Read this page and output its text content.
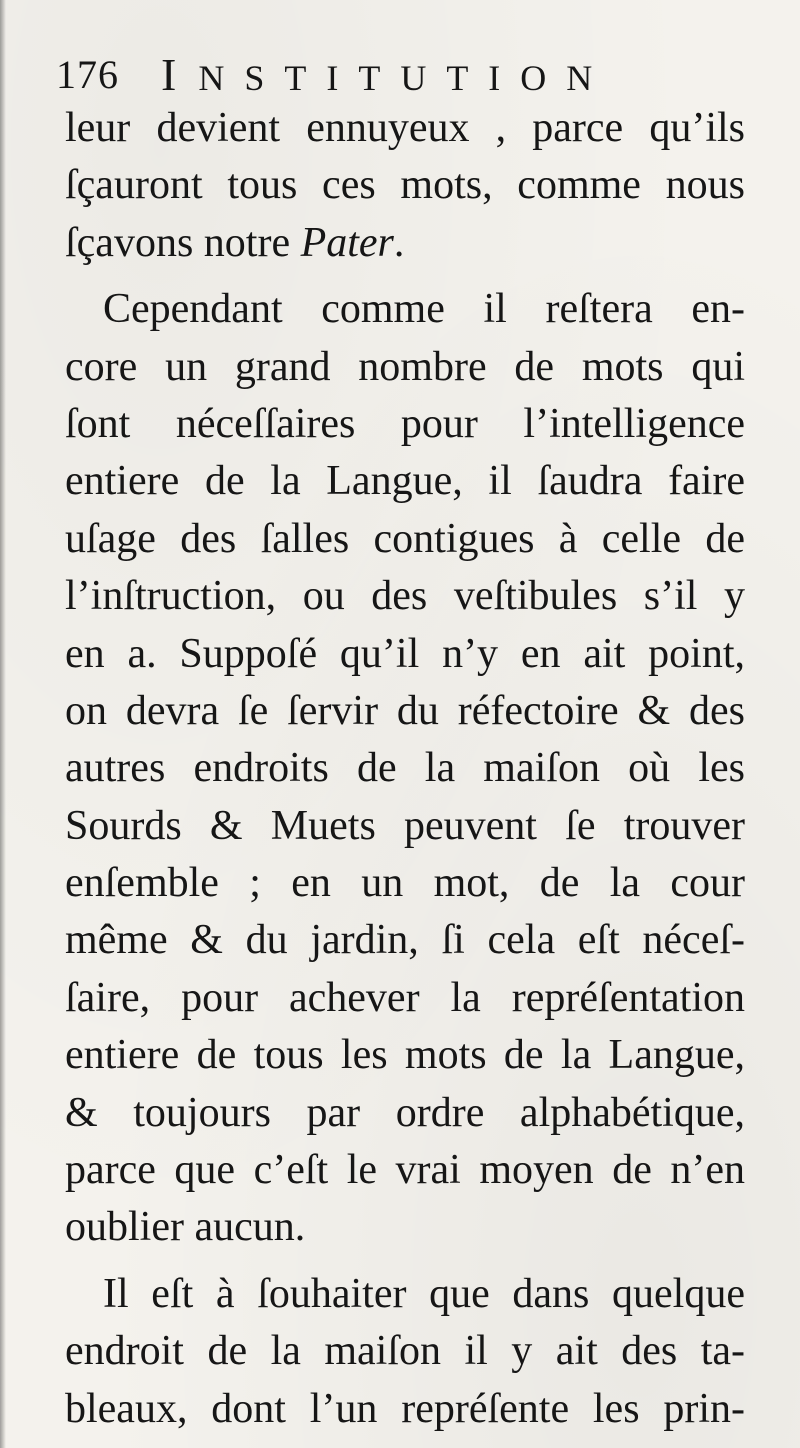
176 INSTITUTION
leur devient ennuyeux , parce qu’ils
ſçauront tous ces mots, comme nous
ſçavons notre Pater.
Cependant comme il reſtera en-
core un grand nombre de mots qui
ſont néceſſaires pour l’intelligence
entiere de la Langue, il ſaudra faire
uſage des ſalles contigues à celle de
l’inſtruction, ou des veſtibules s’il y
en a. Suppoſé qu’il n’y en ait point,
on devra ſe ſervir du réfectoire & des
autres endroits de la maiſon où les
Sourds & Muets peuvent ſe trouver
enſemble ; en un mot, de la cour
même & du jardin, ſi cela eſt néceſ-
ſaire, pour achever la repréſentation
entiere de tous les mots de la Langue,
& toujours par ordre alphabétique,
parce que c’eſt le vrai moyen de n’en
oublier aucun.
Il eſt à ſouhaiter que dans quelque
endroit de la maiſon il y ait des ta-
bleaux, dont l’un repréſente les prin-
